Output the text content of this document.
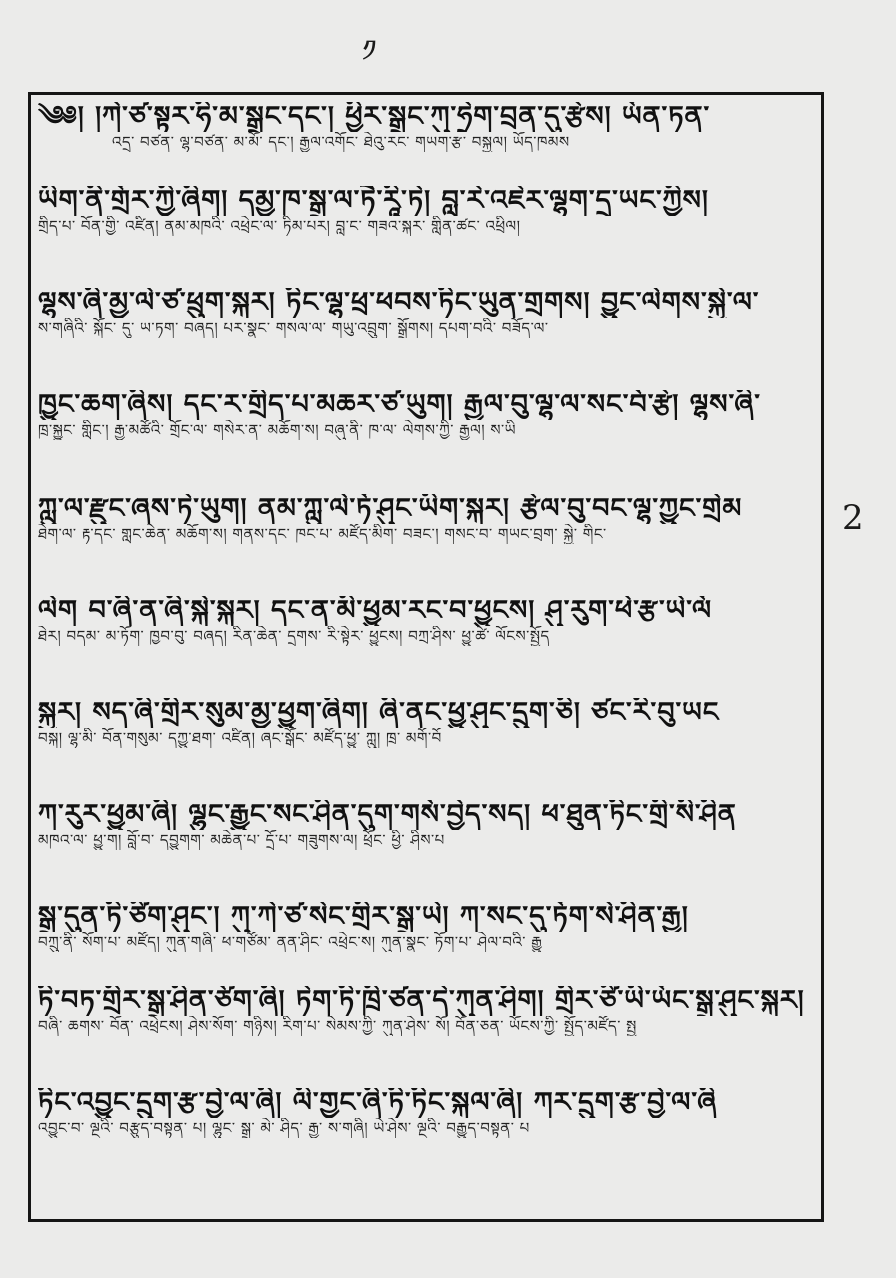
༡
2
༄༅། །ཀེ་ཙ་སྟར་ཧི་མ་སྒྲུང་དང་། ཕྱིར་སྒྲུང་ཀུ་ཧྲེག་བྲན་དུ་རྩེས། ཡོན་ཏན་
འདྲ་ བཙན་ ལྷ་བཙན་ མ་མོ་ དང་། རྒྱལ་འགོང་ ཐེའུ་རང་ གཡག་རྩ་ བསྐྱལ། ཡོད་ཁམས
ཡིག་ནི་གྲོར་ཀྱི་ཞིག། དམྱ་ཁ་སྒྲ་ལ་ཏཻ་རཱི་ཏེ། བླ་རེ་འཇེར་ལྷག་དྲ་ཡང་ཀྱིས།
གྲིད་པ་ བོན་གྱི་ འཛིན། ནམ་མཁའི་ འཕྲེང་ལ་ ཏིམ་པར། བླ་ང་ གཟའ་སྐར་ གླིན་ཚང་ འཕྲིལ།
ལྷས་ཞི་མྱ་ལེ་ཙ་ཕྲུག་སྐར། ཏིང་ལྷ་ཕྲ་ཕབས་ཏིང་ཡུན་གྲགས། བྱུང་ལེགས་སྐྱེ་ལ་
ས་གཞིའི་ སྐོང་ དུ་ ཡ་ཏག་ བཞད། པར་སྣང་ གསལ་ལ་ གཡུ་འབྲུག་ སྒྲོགས། དཔག་བའི་ བཟོད་ལ་
ཁྱུང་ཆག་ཞིས། དང་ར་གྲིད་པ་མཆར་ཙ་ཡུག། རྒྱལ་བུ་ལྷ་ལ་སང་བོ་རྩེ། ལྷས་ཞི་
ཁྲ་སྐྱུང་ གླིང་། རྒྱ་མཚོའི་ གྲོང་ལ་ གསེར་ན་ མཆོག་ས། བཞུ་ནི་ ཁ་ལ་ ལེགས་ཀྱི་ རྒྱལ། ས་ཡི
ཀླུ་ལ་རྫུང་ཞས་ཏེ་ཡུག། ནམ་ཀླུ་ལེ་ཏོ་ཤུང་ཡིག་སྐར། རྩེལ་བུ་བང་ལྷ་ཀྱུང་གྲེམ
ཐེག་ལ་ རྟ་དང་ གླང་ཆེན་ མཆོག་ས། གནས་དང་ ཁང་པ་ མཛོད་མིག་ བཟང་། གསང་བ་ གཡང་བྲག་ སྐྱེ་ གིང་
ལེག བ་ཞི་ན་ཞི་སྐེ་སྐར། དང་ན་མི་ཕྱུམ་རང་བ་ཕྱུངས། ཤུ་རུག་ཕེ་རྩ་ཡེ་ལོ
ཐེར། བདམ་ མ་ཏོག་ ཁྱབ་བུ་ བཞད། རིན་ཆེན་ དྲགས་ རི་སྟེར་ ཕྱུངས། བཀྲ་ཤིས་ ཕྱུ་ཚེ་ ལོངས་སྤྱོད
སྐྱར། སད་ཞི་གྲིར་སུམ་མྱ་ཕྱུག་ཞིག། ཞི་ནང་ཕྱུ་ཤུང་དྲུག་ཅི། ཙང་རི་བུ་ཡང
བསྐ། ལྷ་མི་ བོན་གསུམ་ དཀྱུ་ཐག་ འཛིན། ཞང་སྒོང་ མཛོད་ཕྱུ་ ཀླུ། ཁྲ་ མགོ་བོ
ཀ་རུར་ཕྱུམ་ཞི། ལྷུང་རྒྱུང་སང་ཤིན་དུག་གསོ་བྱེད་སད། ཕ་ཐུན་ཏིང་གྲི་སི་ཤིན
མཁའ་ལ་ ཕྱུ་ག། བློ་བ་ དབྱུགག་ མཆེན་པ་ དྲོ་པ་ གཟུགས་ལ། ཕྲོང་ ཕྱི་ ཤིས་པ
སྒྲ་དུན་ཏི་ཙིག་ཤུང་། ཀུ་ཀེ་ཙ་སེང་གྲིར་སྒྲ་ཡེ། ཀ་སང་དུ་ཏོག་སེ་ཤིན་རྒྱ།
བཀྲུ་ནི་ སོག་པ་ མཛོད། ཀུན་གཞི་ ཕ་གཙོམ་ ནན་ཤིང་ འཕྲེང་ས། ཀུན་སྣང་ ཏོག་པ་ ཤེལ་བའི་ རྒྱུ
ཏི་བཏ་གྲིར་སྒྲ་ཤིན་ཙོག་ཞི། ཏེག་ཏི་ཁྲི་ཙན་དེ་ཀུན་ཤིག། གྲིར་ཙི་ཡི་ཡོང་སྒྲ་ཤུང་སྐར།
བཞི་ ཆགས་ བོན་ འཕྲེངས། ཤེས་སོག་ གཉིས། རིག་པ་ སེམས་ཀྱི་ ཀུན་ཤེས་ སོ། བོན་ཅན་ ཡོངས་ཀྱི་ སྤྱོད་མཛོད་ སྤྱ
ཏིང་འབྱུང་དྲུག་རྩ་བྱེ་ལ་ཞི། ལི་གྱང་ཞི་ཏི་ཏིང་སྐལ་ཞི། ཀར་དྲུག་རྩ་བྱེ་ལ་ཞི
འབྱུང་བ་ ལྔའི་ བརྩུད་བསྟན་ པ། ལྷུང་ སྒྲ་ མེ་ ཤིད་ རྒྱ་ ས་གཞི། ཡེ་ཤེས་ ལྔའི་ བརྒྱུད་བསྟན་ པ
